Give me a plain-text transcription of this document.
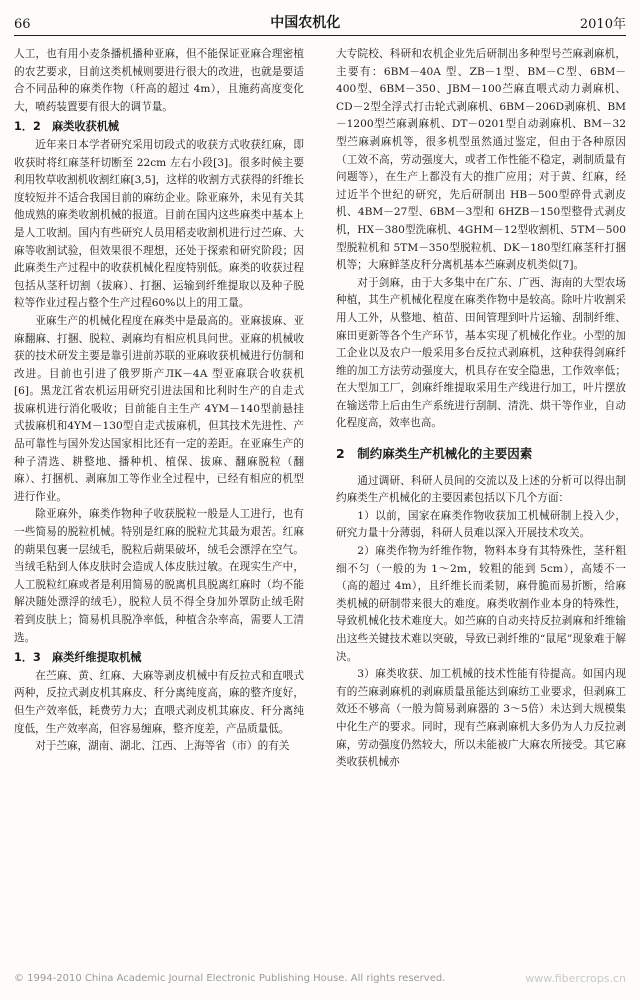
66	中国农机化	2010年

人工，也有用小麦条播机播种亚麻，但不能保证亚麻合理密植的农艺要求，目前这类机械则要进行很大的改进，也就是要适合不同品种的麻类作物（秆高的超过 4m），且施药高度变化大，喷药装置要有很大的调节量。

1．2　麻类收获机械

近年来日本学者研究采用切段式的收获方式收获红麻，即收获时将红麻茎秆切断至 22cm 左右小段[3]。很多时候主要利用牧草收割机收割红麻[3,5]，这样的收割方式获得的纤维长度较短并不适合我国目前的麻纺企业。除亚麻外，未见有关其他成熟的麻类收割机械的报道。目前在国内这些麻类中基本上是人工收割。国内有些研究人员用稻麦收割机进行过苎麻、大麻等收割试验，但效果很不理想，还处于探索和研究阶段；因此麻类生产过程中的收获机械化程度特别低。麻类的收获过程包括从茎秆切割（拔麻）、打捆、运输到纤维提取以及种子脱粒等作业过程占整个生产过程60%以上的用工量。

亚麻生产的机械化程度在麻类中是最高的。亚麻拔麻、亚麻翻麻、打捆、脱粒、剥麻均有相应机具问世。亚麻的机械收获的技术研发主要是靠引进前苏联的亚麻收获机械进行仿制和改进。目前也引进了俄罗斯产ЛК－4А 型亚麻联合收获机[6]。黑龙江省农机运用研究引进法国和比利时生产的自走式拔麻机进行消化吸收；目前能自主生产 4YM－140型前悬挂式拔麻机和4YM－130型自走式拔麻机，但其技术先进性、产品可靠性与国外发达国家相比还有一定的差距。在亚麻生产的种子清选、耕整地、播种机、植保、拔麻、翻麻脱粒（翻麻）、打捆机、剥麻加工等作业全过程中，已经有相应的机型进行作业。

除亚麻外，麻类作物种子收获脱粒一般是人工进行，也有一些简易的脱粒机械。特别是红麻的脱粒尤其最为艰苦。红麻的蒴果包裹一层绒毛，脱粒后蒴果破坏，绒毛会漂浮在空气。当绒毛粘到人体皮肤时会造成人体皮肤过敏。在现实生产中，人工脱粒红麻或者是利用简易的脱离机具脱离红麻时（均不能解决随处漂浮的绒毛），脱粒人员不得全身加外罩防止绒毛附着到皮肤上；简易机具脱净率低，种植含杂率高，需要人工清选。

1．3　麻类纤维提取机械

在苎麻、黄、红麻、大麻等剥皮机械中有反拉式和直喂式两种，反拉式剥皮机其麻皮、秆分离纯度高，麻的整齐度好，但生产效率低，耗费劳力大；直喂式剥皮机其麻皮、秆分离纯度低，生产效率高，但容易缠麻，整齐度差，产品质量低。

对于苎麻，湖南、湖北、江西、上海等省（市）的有关

大专院校、科研和农机企业先后研制出多种型号苎麻剥麻机，主要有：6BM－40A 型、ZB－1型、BM－C型、6BM－400型、6BM－350、JBM－100苎麻直喂式动力剥麻机、CD－2型全浮式打击轮式剥麻机、6BM－206D剥麻机、BM－1200型苎麻剥麻机、DT－0201型自动剥麻机、BM－32型苎麻剥麻机等，很多机型虽然通过鉴定，但由于各种原因（工效不高，劳动强度大，或者工作性能不稳定，剥制质量有问题等），在生产上都没有大的推广应用；对于黄、红麻，经过近半个世纪的研究，先后研制出 HB－500型碎骨式剥皮机、4BM－27型、6BM－3型和 6HZB－150型整骨式剥皮机，HX－380型洗麻机、4GHM－12型收割机、5TM－500型脱粒机和 5TM－350型脱粒机、DK－180型红麻茎秆打捆机等；大麻鲜茎皮秆分离机基本苎麻剥皮机类似[7]。

对于剑麻，由于大多集中在广东、广西、海南的大型农场种植，其生产机械化程度在麻类作物中是较高。除叶片收割采用人工外，从整地、植苗、田间管理到叶片运输、刮制纤维、麻田更新等各个生产环节，基本实现了机械化作业。小型的加工企业以及农户一般采用多台反拉式剥麻机，这种获得剑麻纤维的加工方法劳动强度大，机具存在安全隐患，工作效率低；在大型加工厂，剑麻纤维提取采用生产线进行加工，叶片摆放在输送带上后由生产系统进行刮制、清洗、烘干等作业，自动化程度高，效率也高。

2　制约麻类生产机械化的主要因素

通过调研、科研人员间的交流以及上述的分析可以得出制约麻类生产机械化的主要因素包括以下几个方面：

1）以前，国家在麻类作物收获加工机械研制上投入少，研究力量十分薄弱，科研人员难以深入开展技术攻关。

2）麻类作物为纤维作物，物料本身有其特殊性，茎秆粗细不匀（一般的为 1～2m，较粗的能到 5cm），高矮不一（高的超过 4m），且纤维长而柔韧，麻骨脆而易折断，给麻类机械的研制带来很大的难度。麻类收割作业本身的特殊性，导致机械化技术难度大。如苎麻的自动夹持反拉剥麻和纤维输出这些关键技术难以突破，导致已剥纤维的“鼠尾”现象难于解决。

3）麻类收获、加工机械的技术性能有待提高。如国内现有的苎麻剥麻机的剥麻质量虽能达到麻纺工业要求，但剥麻工效还不够高（一般为简易剥麻器的 3～5倍）未达到大规模集中化生产的要求。同时，现有苎麻剥麻机大多仍为人力反拉剥麻，劳动强度仍然较大，所以未能被广大麻农所接受。其它麻类收获机械亦

© 1994-2010 China Academic Journal Electronic Publishing House. All rights reserved.	www.fibercrops.cn
